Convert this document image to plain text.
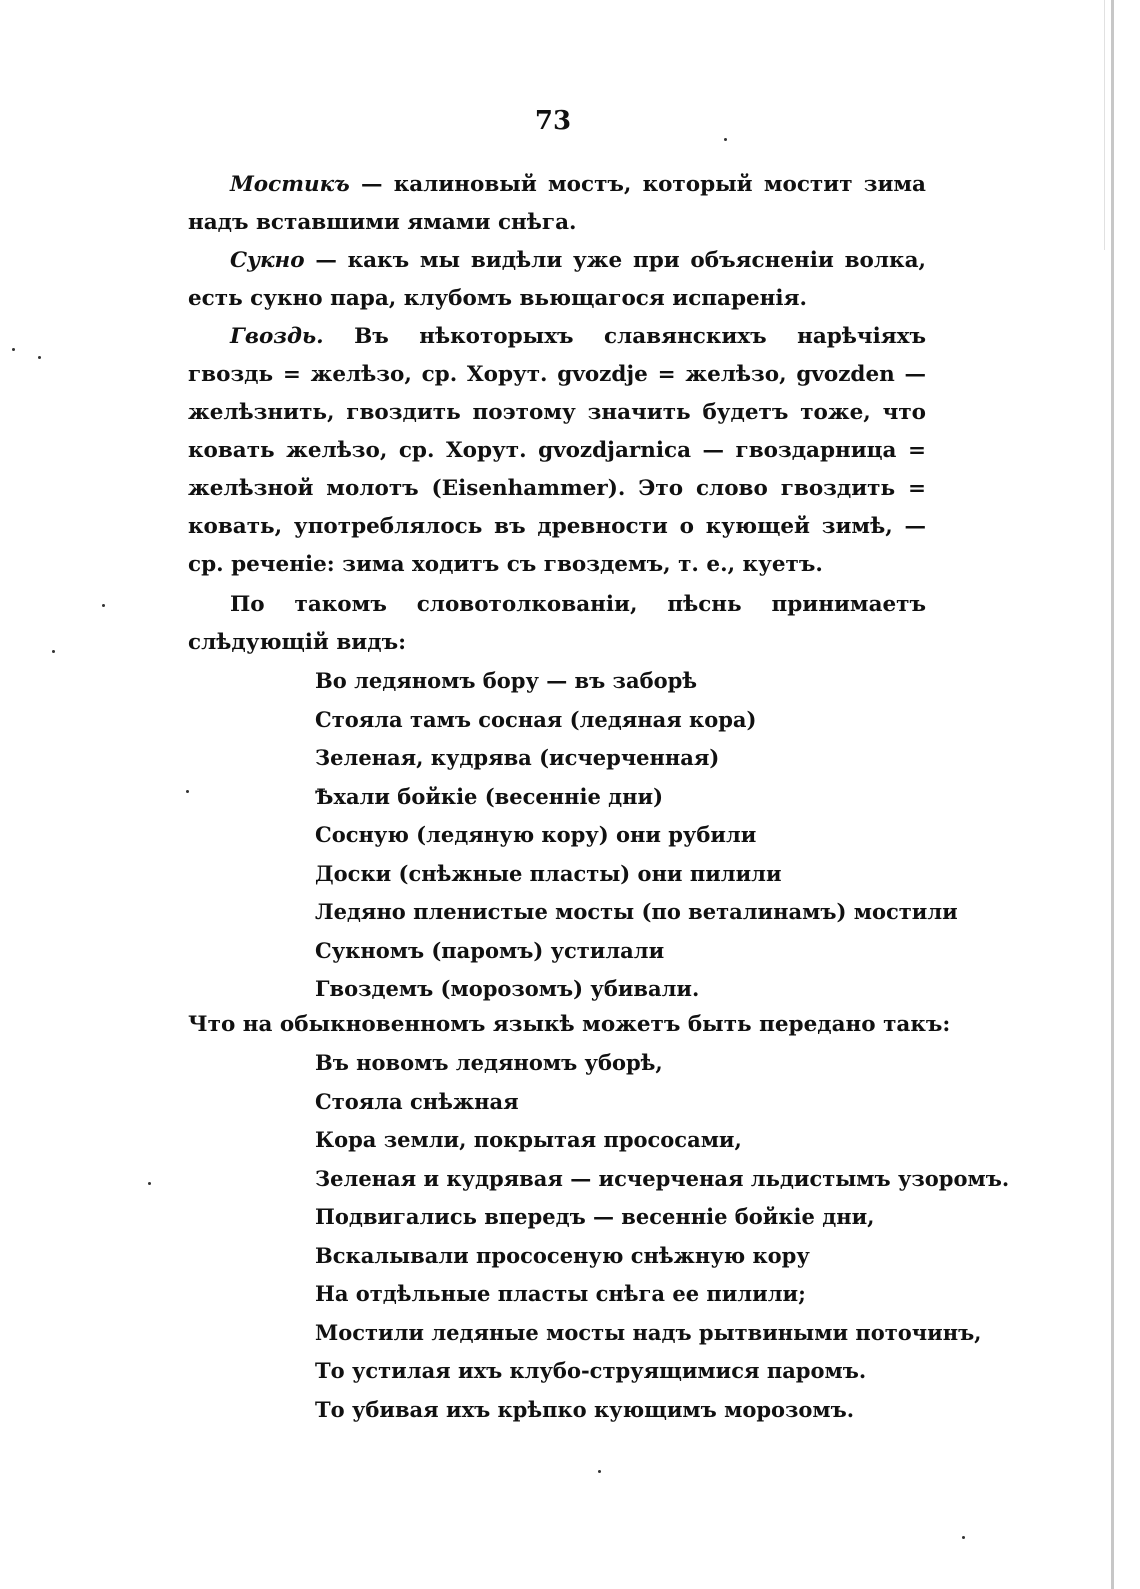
73
Мостикъ — калиновый мостъ, который мостит зима надъ вставшими ямами снѣга.
Сукно — какъ мы видѣли уже при объясненіи волка, есть сукно пара, клубомъ вьющагося испаренія.
Гвоздь. Въ нѣкоторыхъ славянскихъ нарѣчіяхъ гвоздь = желѣзо, ср. Хорут. gvozdje = желѣзо, gvozden — желѣзнить, гвоздить поэтому значить будетъ тоже, что ковать желѣзо, ср. Хорут. gvozdjarnica — гвоздарница = желѣзной молотъ (Eisenhammer). Это слово гвоздить = ковать, употреблялось въ древности о кующей зимѣ, — ср. реченіе: зима ходитъ съ гвоздемъ, т. е., куетъ.
По такомъ словотолкованіи, пѣснь принимаетъ слѣдующій видъ:
Во ледяномъ бору — въ заборѣ
Стояла тамъ сосная (ледяная кора)
Зеленая, кудрява (исчерченная)
Ѣхали бойкіе (весенніе дни)
Сосную (ледяную кору) они рубили
Доски (снѣжные пласты) они пилили
Ледяно пленистые мосты (по веталинамъ) мостили
Сукномъ (паромъ) устилали
Гвоздемъ (морозомъ) убивали.
Что на обыкновенномъ языкѣ можетъ быть передано такъ:
Въ новомъ ледяномъ уборѣ,
Стояла снѣжная
Кора земли, покрытая прососами,
Зеленая и кудрявая — исчерченая льдистымъ узоромъ.
Подвигались впередъ — весенніе бойкіе дни,
Вскалывали прососеную снѣжную кору
На отдѣльные пласты снѣга ее пилили;
Мостили ледяные мосты надъ рытвиными поточинъ,
То устилая ихъ клубо-струящимися паромъ.
То убивая ихъ крѣпко кующимъ морозомъ.
